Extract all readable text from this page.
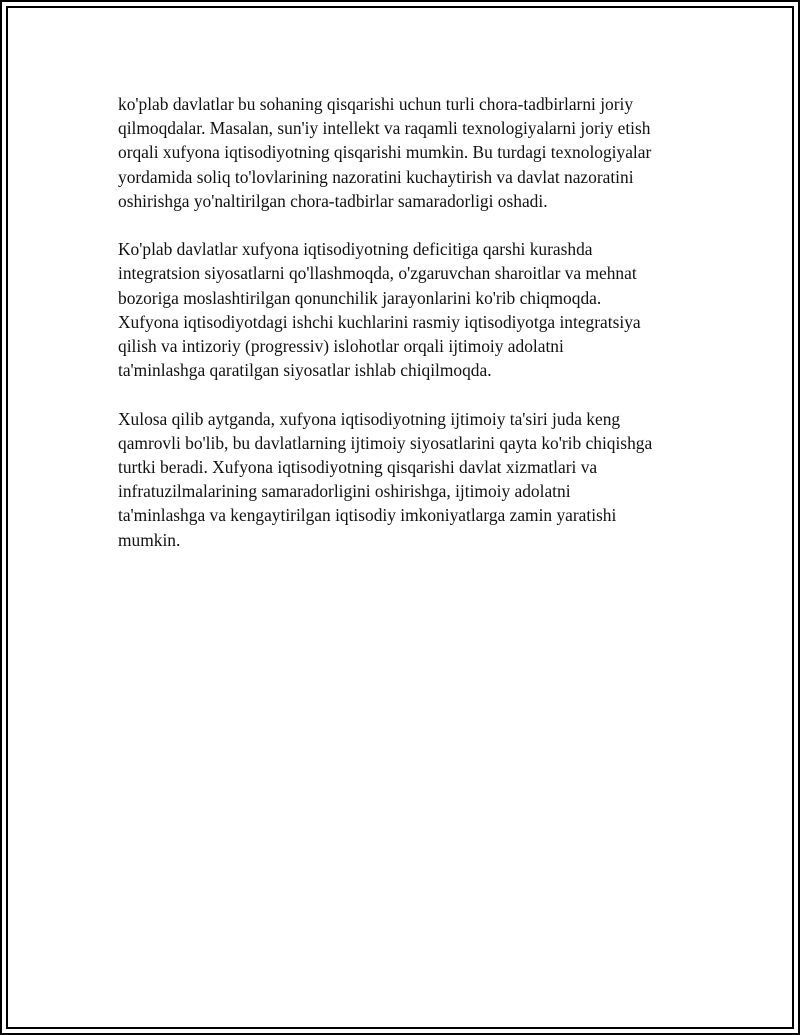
ko'plab davlatlar bu sohaning qisqarishi uchun turli chora-tadbirlarni joriy
qilmoqdalar. Masalan, sun'iy intellekt va raqamli texnologiyalarni joriy etish
orqali xufyona iqtisodiyotning qisqarishi mumkin. Bu turdagi texnologiyalar
yordamida soliq to'lovlarining nazoratini kuchaytirish va davlat nazoratini
oshirishga yo'naltirilgan chora-tadbirlar samaradorligi oshadi.

Ko'plab davlatlar xufyona iqtisodiyotning deficitiga qarshi kurashda
integratsion siyosatlarni qo'llashmoqda, o'zgaruvchan sharoitlar va mehnat
bozoriga moslashtirilgan qonunchilik jarayonlarini ko'rib chiqmoqda.
Xufyona iqtisodiyotdagi ishchi kuchlarini rasmiy iqtisodiyotga integratsiya
qilish va intizoriy (progressiv) islohotlar orqali ijtimoiy adolatni
ta'minlashga qaratilgan siyosatlar ishlab chiqilmoqda.

Xulosa qilib aytganda, xufyona iqtisodiyotning ijtimoiy ta'siri juda keng
qamrovli bo'lib, bu davlatlarning ijtimoiy siyosatlarini qayta ko'rib chiqishga
turtki beradi. Xufyona iqtisodiyotning qisqarishi davlat xizmatlari va
infratuzilmalarining samaradorligini oshirishga, ijtimoiy adolatni
ta'minlashga va kengaytirilgan iqtisodiy imkoniyatlarga zamin yaratishi
mumkin.
